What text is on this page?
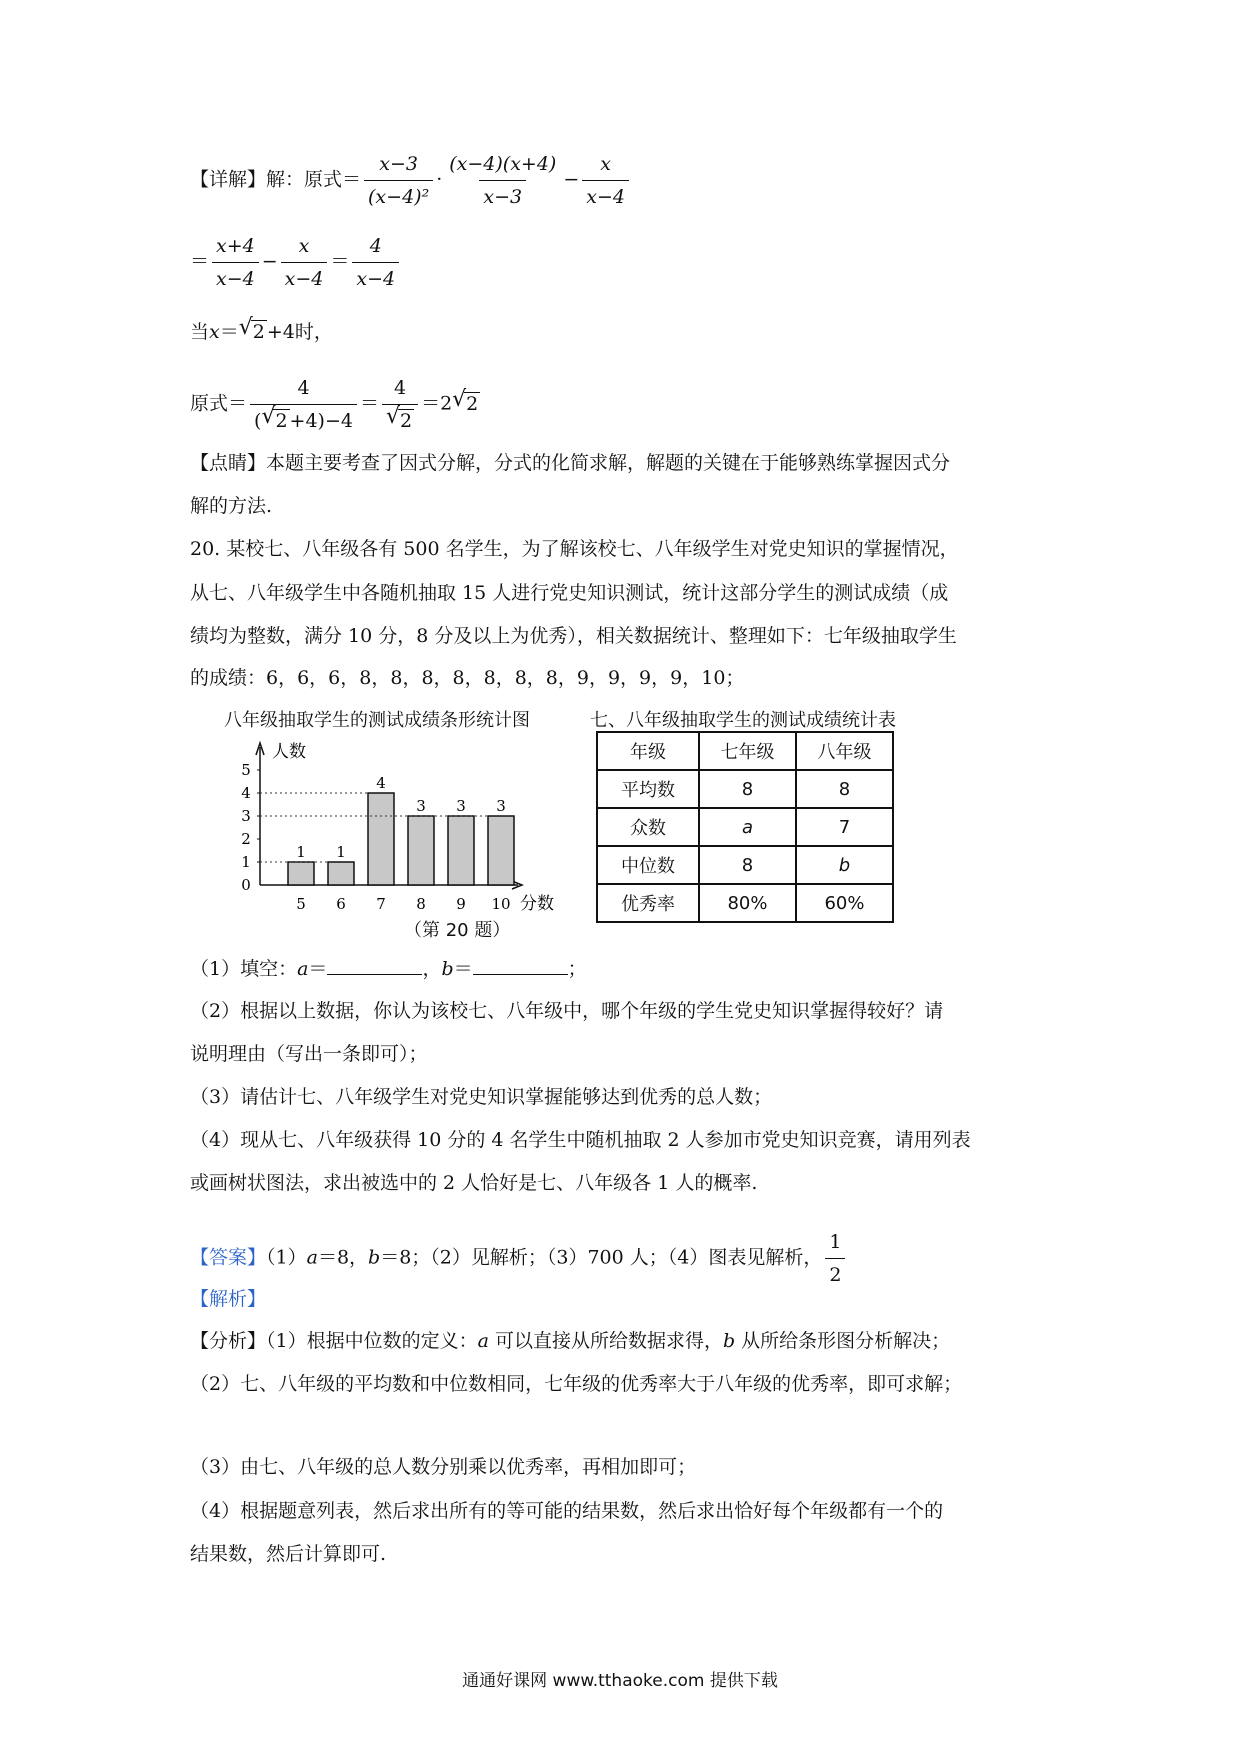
【详解】解：原式＝ $\frac{x-3}{\text{(x−4)²}} \cdot \frac{(x-4)(x+4)}{x-3} - \frac{x}{x-4}$
＝ $\frac{x+4}{x-4} - \frac{x}{x-4} = \frac{4}{x-4}$
当x＝ √ 2 +4时，
原式＝ $\frac{4}{( √ 2 +4)-4} = \frac{4}{√ 2} =2$ √ 2
【点睛】本题主要考查了因式分解，分式的化简求解，解题的关键在于能够熟练掌握因式分
解的方法.
20. 某校七、八年级各有 500 名学生，为了解该校七、八年级学生对党史知识的掌握情况，
从七、八年级学生中各随机抽取 15 人进行党史知识测试，统计这部分学生的测试成绩（成
绩均为整数，满分 10 分，8 分及以上为优秀），相关数据统计、整理如下：七年级抽取学生
的成绩：6，6，6，8，8，8，8，8，8，8，9，9，9，9，10；
八年级抽取学生的测试成绩条形统计图	七、八年级抽取学生的测试成绩统计表
0
1
2
3
4
5
人数
1
5
1
6
4
7
3
8
3
9
3
10 分数
（第 20 题）
年级	七年级	八年级
平均数	8	8
众数	a	7
中位数	8	b
优秀率	80%	60%
（1）填空：a＝	，b＝	；
（2）根据以上数据，你认为该校七、八年级中，哪个年级的学生党史知识掌握得较好？请
说明理由（写出一条即可）；
（3）请估计七、八年级学生对党史知识掌握能够达到优秀的总人数；
（4）现从七、八年级获得 10 分的 4 名学生中随机抽取 2 人参加市党史知识竞赛，请用列表
或画树状图法，求出被选中的 2 人恰好是七、八年级各 1 人的概率.
【答案】（1）a＝8，b＝8；（2）见解析；（3）700 人；（4）图表见解析， $\frac{1}{2}$
【解析】
【分析】（1）根据中位数的定义：a 可以直接从所给数据求得，b 从所给条形图分析解决；
（2）七、八年级的平均数和中位数相同，七年级的优秀率大于八年级的优秀率，即可求解；
（3）由七、八年级的总人数分别乘以优秀率，再相加即可；
（4）根据题意列表，然后求出所有的等可能的结果数，然后求出恰好每个年级都有一个的
结果数，然后计算即可.
通通好课网 www.tthaoke.com 提供下载
